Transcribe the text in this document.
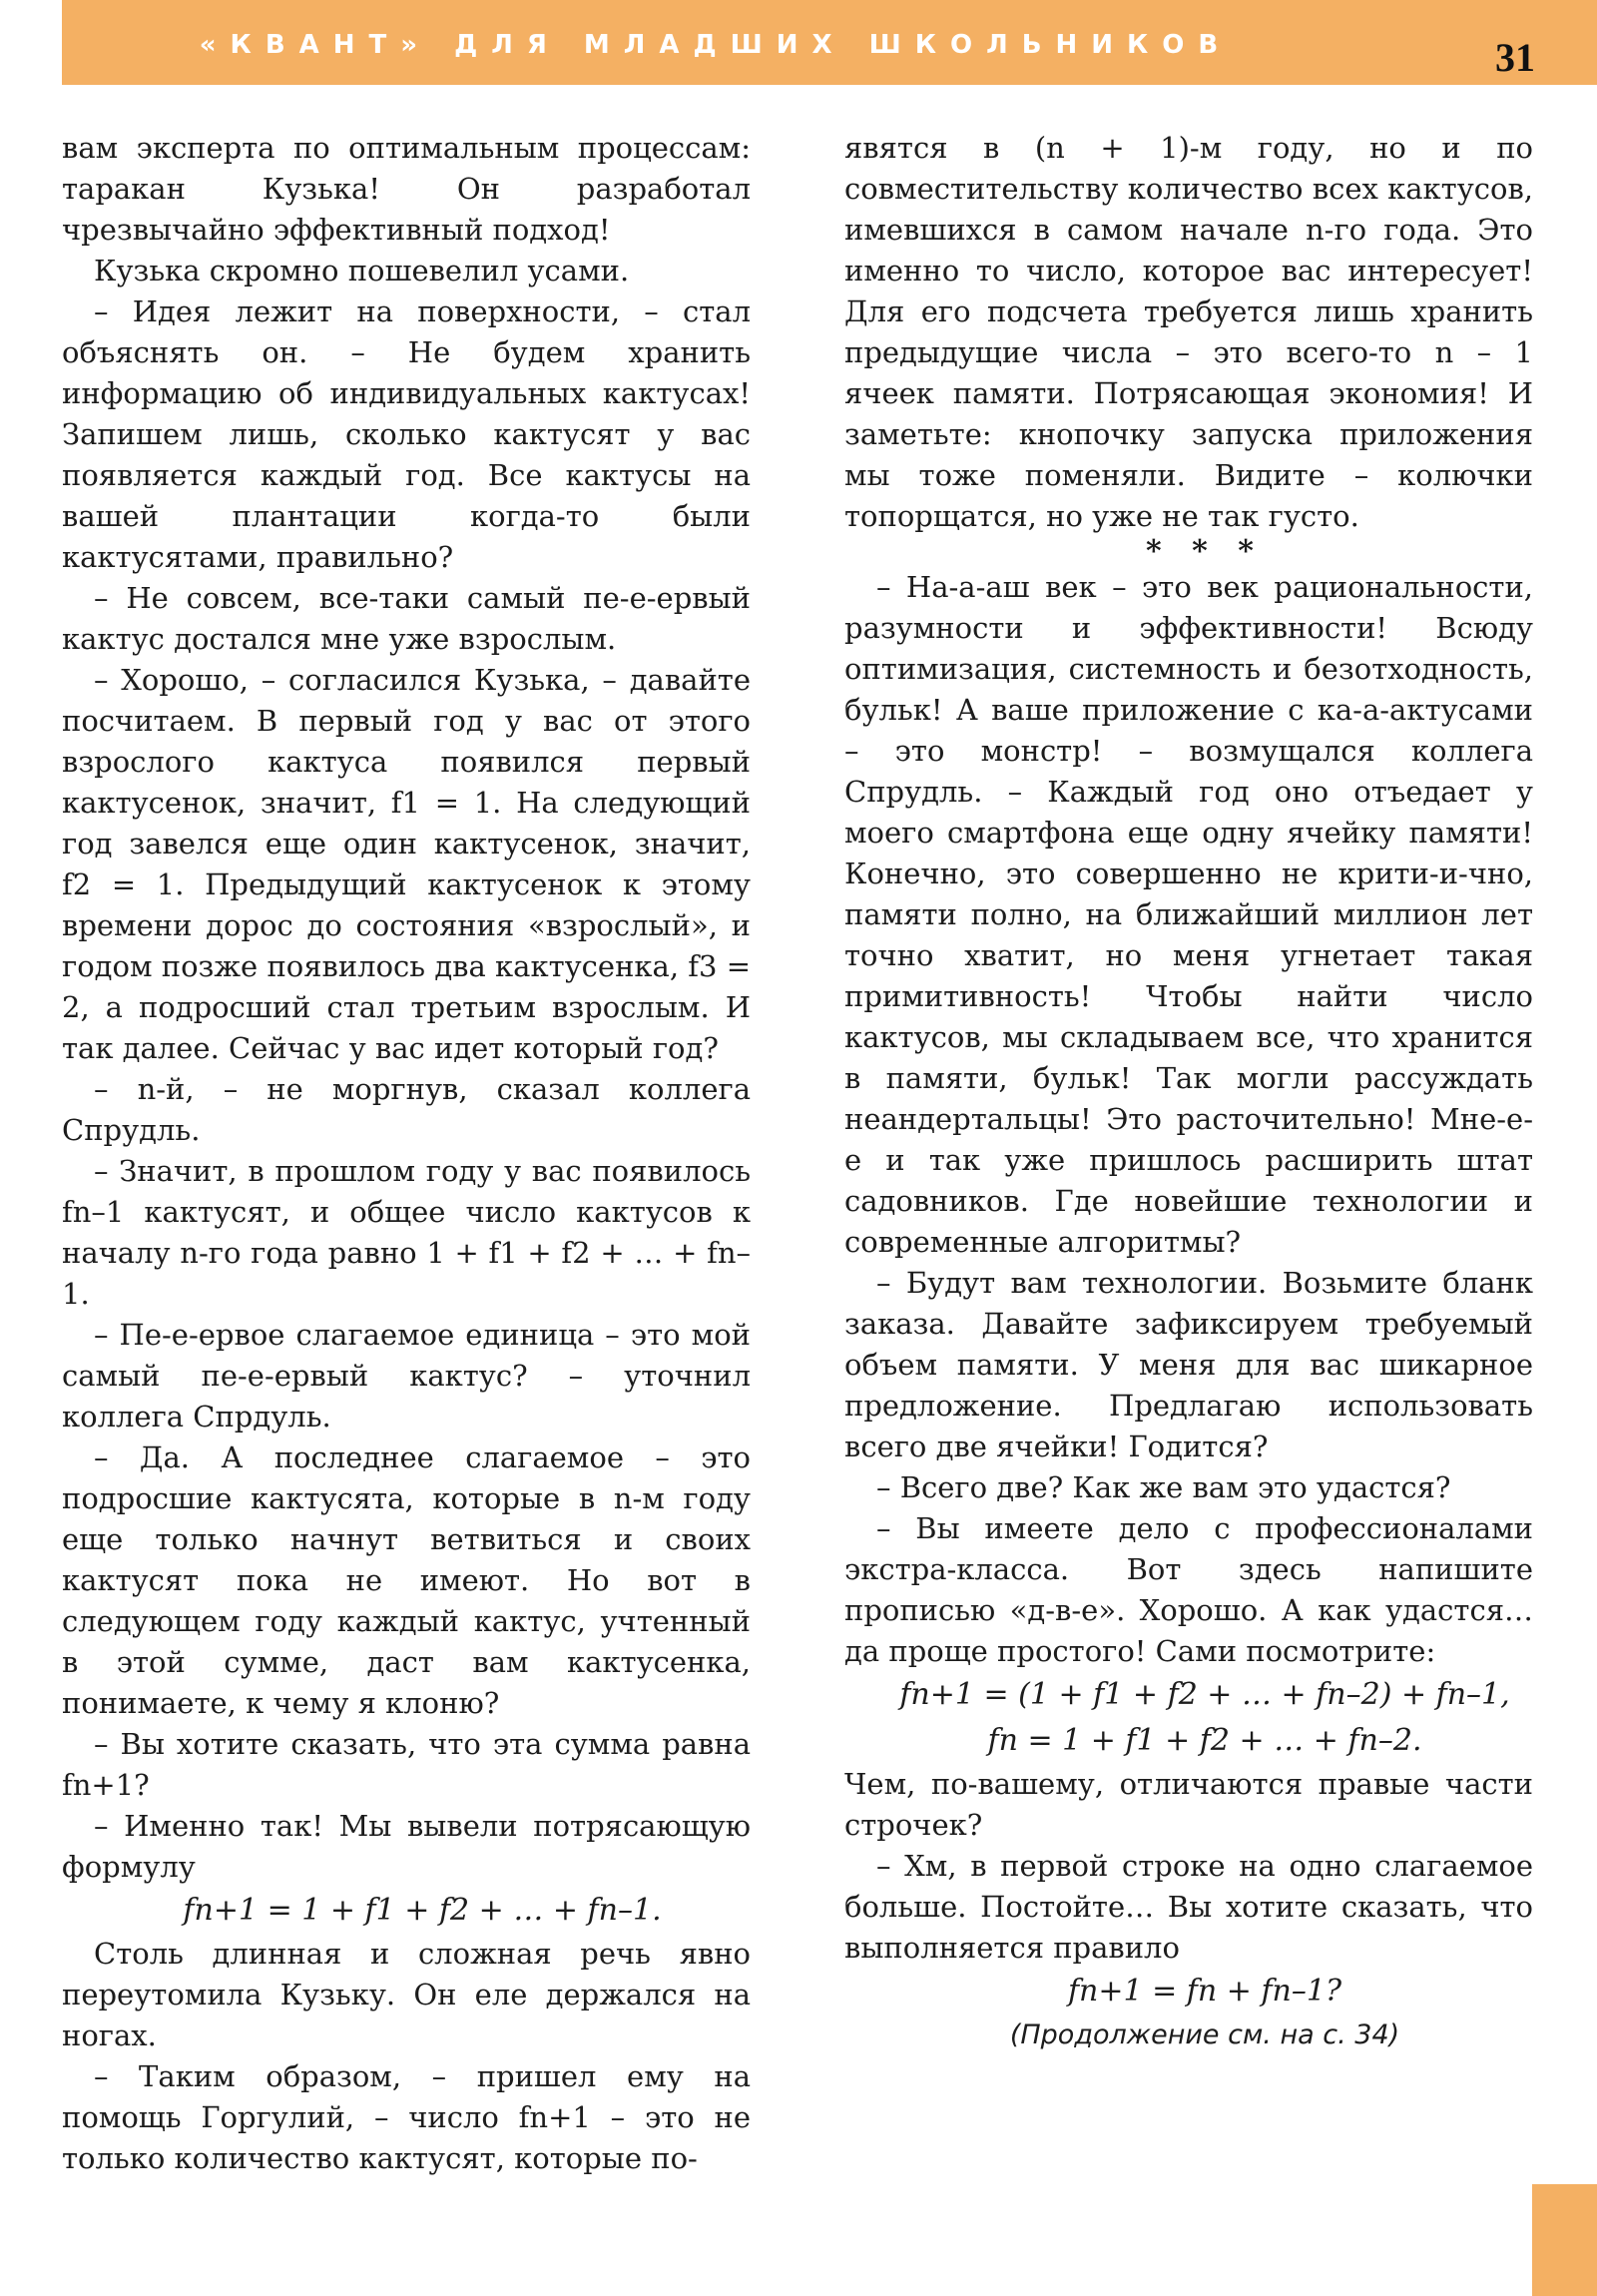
«КВАНТ» ДЛЯ МЛАДШИХ ШКОЛЬНИКОВ	31

вам эксперта по оптимальным процессам: таракан Кузька! Он разработал чрезвычайно эффективный подход!

Кузька скромно пошевелил усами.

– Идея лежит на поверхности, – стал объяснять он. – Не будем хранить информацию об индивидуальных кактусах! Запишем лишь, сколько кактусят у вас появляется каждый год. Все кактусы на вашей плантации когда-то были кактусятами, правильно?

– Не совсем, все-таки самый пе-е-ервый кактус достался мне уже взрослым.

– Хорошо, – согласился Кузька, – давайте посчитаем. В первый год у вас от этого взрослого кактуса появился первый кактусенок, значит, f1 = 1. На следующий год завелся еще один кактусенок, значит, f2 = 1. Предыдущий кактусенок к этому времени дорос до состояния «взрослый», и годом позже появилось два кактусенка, f3 = 2, а подросший стал третьим взрослым. И так далее. Сейчас у вас идет который год?

– n-й, – не моргнув, сказал коллега Спрудль.

– Значит, в прошлом году у вас появилось fn–1 кактусят, и общее число кактусов к началу n-го года равно 1 + f1 + f2 + … + fn–1.

– Пе-е-ервое слагаемое единица – это мой самый пе-е-ервый кактус? – уточнил коллега Спрдуль.

– Да. А последнее слагаемое – это подросшие кактусята, которые в n-м году еще только начнут ветвиться и своих кактусят пока не имеют. Но вот в следующем году каждый кактус, учтенный в этой сумме, даст вам кактусенка, понимаете, к чему я клоню?

– Вы хотите сказать, что эта сумма равна fn+1?

– Именно так! Мы вывели потрясающую формулу

fn+1 = 1 + f1 + f2 + … + fn–1.

Столь длинная и сложная речь явно переутомила Кузьку. Он еле держался на ногах.

– Таким образом, – пришел ему на помощь Горгулий, – число fn+1 – это не только количество кактусят, которые по-

явятся в (n + 1)-м году, но и по совместительству количество всех кактусов, имевшихся в самом начале n-го года. Это именно то число, которое вас интересует! Для его подсчета требуется лишь хранить предыдущие числа – это всего-то n – 1 ячеек памяти. Потрясающая экономия! И заметьте: кнопочку запуска приложения мы тоже поменяли. Видите – колючки топорщатся, но уже не так густо.

* * *

– На-а-аш век – это век рациональности, разумности и эффективности! Всюду оптимизация, системность и безотходность, бульк! А ваше приложение с ка-а-актусами – это монстр! – возмущался коллега Спрудль. – Каждый год оно отъедает у моего смартфона еще одну ячейку памяти! Конечно, это совершенно не крити-и-чно, памяти полно, на ближайший миллион лет точно хватит, но меня угнетает такая примитивность! Чтобы найти число кактусов, мы складываем все, что хранится в памяти, бульк! Так могли рассуждать неандертальцы! Это расточительно! Мне-е-е и так уже пришлось расширить штат садовников. Где новейшие технологии и современные алгоритмы?

– Будут вам технологии. Возьмите бланк заказа. Давайте зафиксируем требуемый объем памяти. У меня для вас шикарное предложение. Предлагаю использовать всего две ячейки! Годится?

– Всего две? Как же вам это удастся?

– Вы имеете дело с профессионалами экстра-класса. Вот здесь напишите прописью «д-в-е». Хорошо. А как удастся… да проще простого! Сами посмотрите:

fn+1 = (1 + f1 + f2 + … + fn–2) + fn–1,

fn = 1 + f1 + f2 + … + fn–2.

Чем, по-вашему, отличаются правые части строчек?

– Хм, в первой строке на одно слагаемое больше. Постойте… Вы хотите сказать, что выполняется правило

fn+1 = fn + fn–1?

(Продолжение см. на с. 34)
